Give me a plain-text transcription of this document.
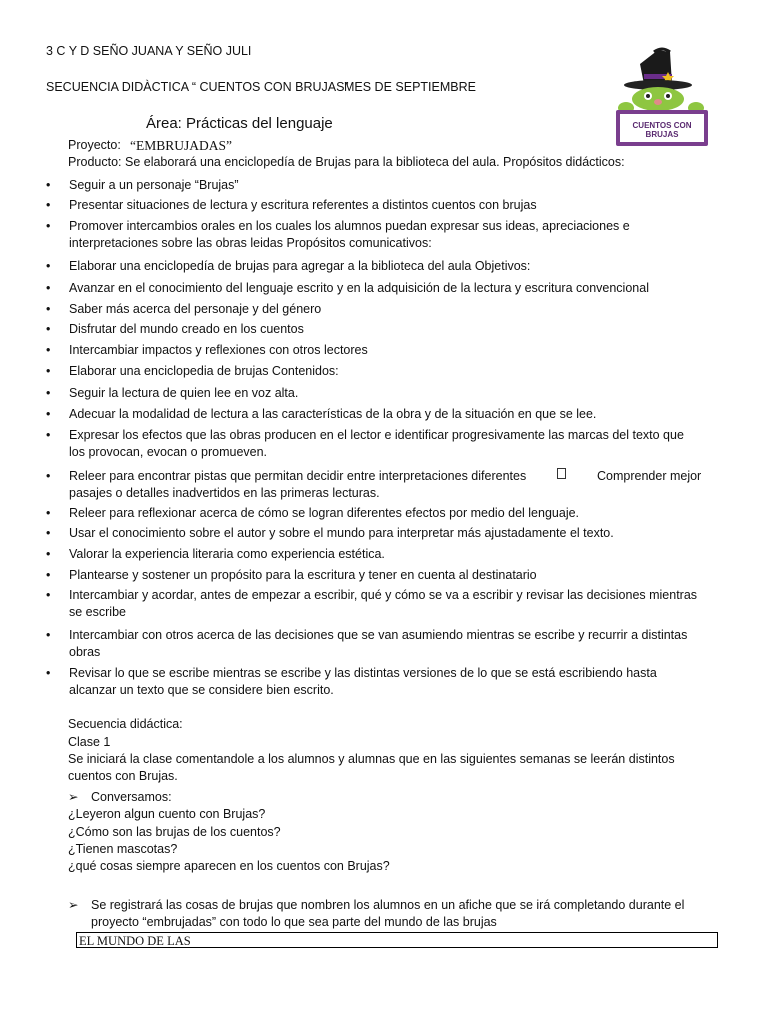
3 C Y D SEÑO JUANA Y SEÑO JULI
SECUENCIA DIDÀCTICA “ CUENTOS CON BRUJAS”
MES DE SEPTIEMBRE
CUENTOS CON BRUJAS
Área: Prácticas del lenguaje
Proyecto: “EMBRUJADAS”
Producto: Se elaborará una enciclopedía de Brujas para la biblioteca del aula. Propósitos didácticos:
• Seguir a un personaje “Brujas”
• Presentar situaciones de lectura y escritura referentes a distintos cuentos con brujas
• Promover intercambios orales en los cuales los alumnos puedan expresar sus ideas, apreciaciones e
interpretaciones sobre las obras leidas Propósitos comunicativos:
• Elaborar una enciclopedía de brujas para agregar a la biblioteca del aula Objetivos:
• Avanzar en el conocimiento del lenguaje escrito y en la adquisición de la lectura y escritura convencional
• Saber más acerca del personaje y del género
• Disfrutar del mundo creado en los cuentos
• Intercambiar impactos y reflexiones con otros lectores
• Elaborar una enciclopedia de brujas Contenidos:
• Seguir la lectura de quien lee en voz alta.
• Adecuar la modalidad de lectura a las características de la obra y de la situación en que se lee.
• Expresar los efectos que las obras producen en el lector e identificar progresivamente las marcas del texto que
los provocan, evocan o promueven.
• Releer para encontrar pistas que permitan decidir entre interpretaciones diferentes	Comprender mejor
pasajes o detalles inadvertidos en las primeras lecturas.
• Releer para reflexionar acerca de cómo se logran diferentes efectos por medio del lenguaje.
• Usar el conocimiento sobre el autor y sobre el mundo para interpretar más ajustadamente el texto.
• Valorar la experiencia literaria como experiencia estética.
• Plantearse y sostener un propósito para la escritura y tener en cuenta al destinatario
• Intercambiar y acordar, antes de empezar a escribir, qué y cómo se va a escribir y revisar las decisiones mientras
se escribe
• Intercambiar con otros acerca de las decisiones que se van asumiendo mientras se escribe y recurrir a distintas
obras
• Revisar lo que se escribe mientras se escribe y las distintas versiones de lo que se está escribiendo hasta
alcanzar un texto que se considere bien escrito.
Secuencia didáctica:
Clase 1
Se iniciará la clase comentandole a los alumnos y alumnas que en las siguientes semanas se leerán distintos
cuentos con Brujas.
➢ Conversamos:
¿Leyeron algun cuento con Brujas?
¿Cómo son las brujas de los cuentos?
¿Tienen mascotas?
¿qué cosas siempre aparecen en los cuentos con Brujas?
➢ Se registrará las cosas de brujas que nombren los alumnos en un afiche que se irá completando durante el
proyecto “embrujadas” con todo lo que sea parte del mundo de las brujas
EL MUNDO DE LAS
